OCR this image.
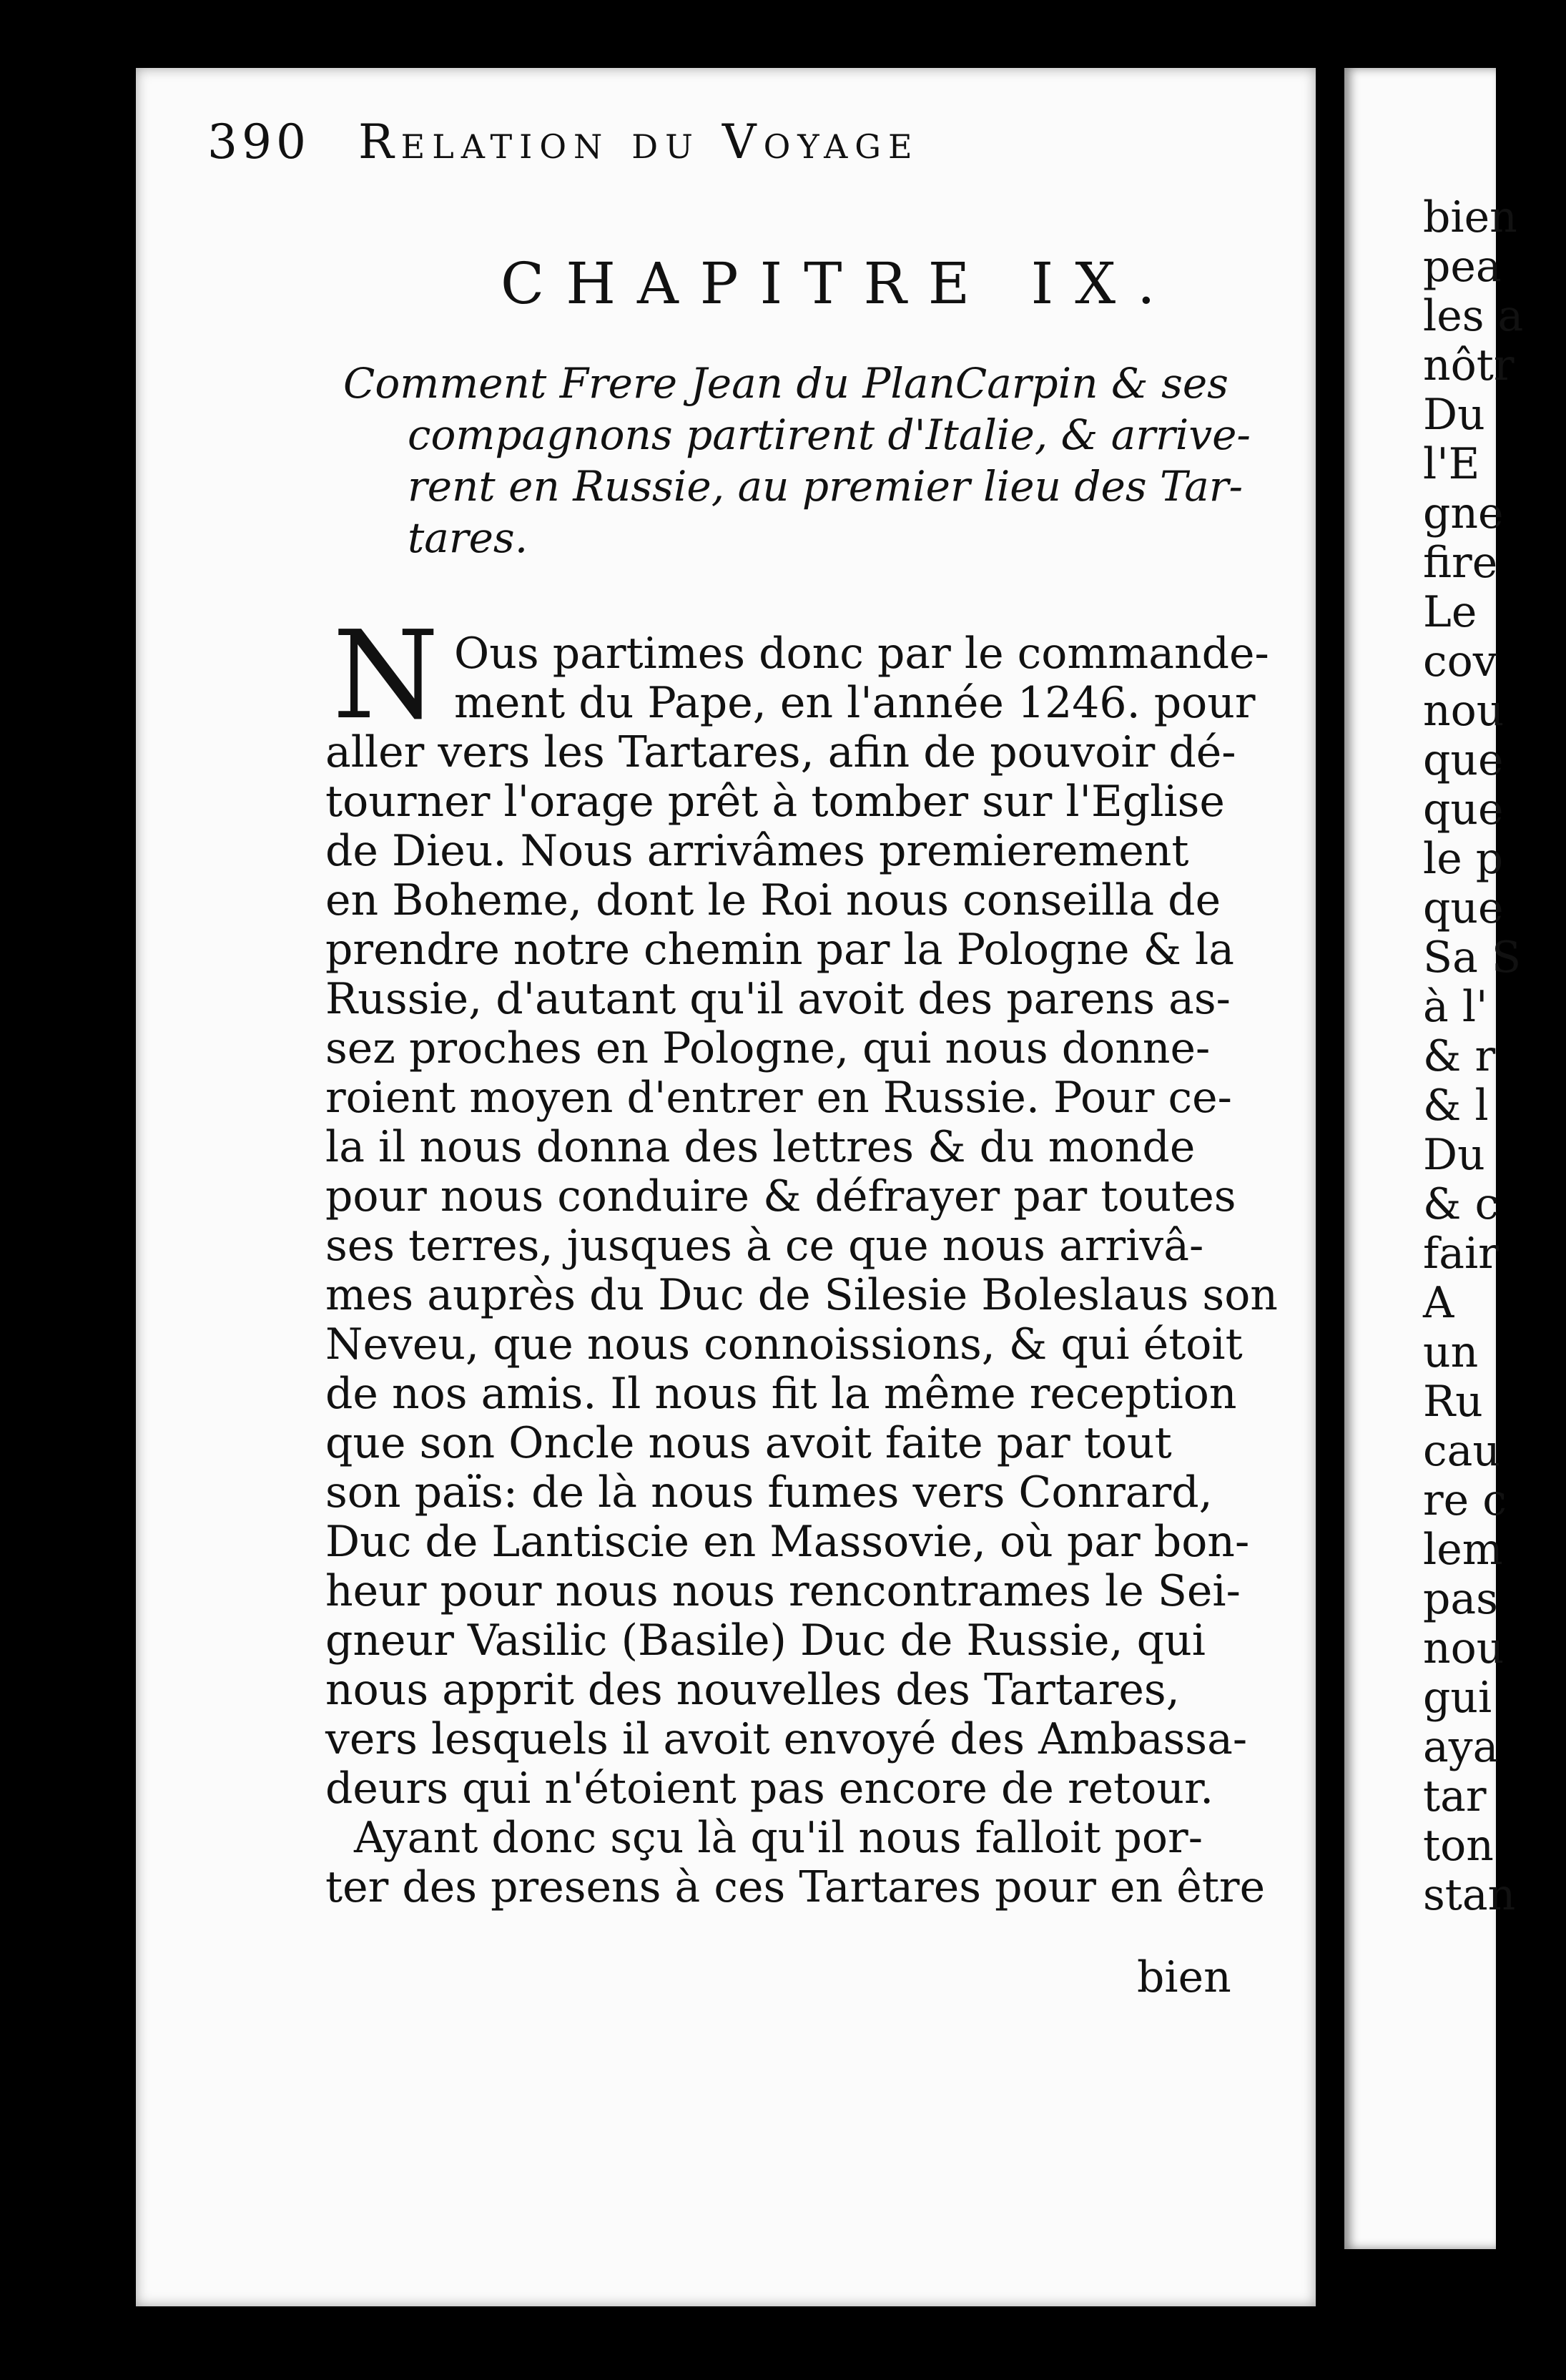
390 Relation du Voyage
CHAPITRE IX.
Comment Frere Jean du PlanCarpin & ses
compagnons partirent d'Italie, & arrive-
rent en Russie, au premier lieu des Tar-
tares.
N Ous partimes donc par le commande-
ment du Pape, en l'année 1246. pour
aller vers les Tartares, afin de pouvoir dé-
tourner l'orage prêt à tomber sur l'Eglise
de Dieu. Nous arrivâmes premierement
en Boheme, dont le Roi nous conseilla de
prendre notre chemin par la Pologne & la
Russie, d'autant qu'il avoit des parens as-
sez proches en Pologne, qui nous donne-
roient moyen d'entrer en Russie. Pour ce-
la il nous donna des lettres & du monde
pour nous conduire & défrayer par toutes
ses terres, jusques à ce que nous arrivâ-
mes auprès du Duc de Silesie Boleslaus son
Neveu, que nous connoissions, & qui étoit
de nos amis. Il nous fit la même reception
que son Oncle nous avoit faite par tout
son païs: de là nous fumes vers Conrard,
Duc de Lantiscie en Massovie, où par bon-
heur pour nous nous rencontrames le Sei-
gneur Vasilic (Basile) Duc de Russie, qui
nous apprit des nouvelles des Tartares,
vers lesquels il avoit envoyé des Ambassa-
deurs qui n'étoient pas encore de retour.
Ayant donc sçu là qu'il nous falloit por-
ter des presens à ces Tartares pour en être
bien
bien
pea
les a
nôtr
Du
l'E
gne
fire
Le
cov
nou
que
que
le p
que
Sa S
à l'
& r
& l
Du
& c
fair
A
un
Ru
cau
re c
lem
pas
nou
gui
aya
tar
ton
stan
